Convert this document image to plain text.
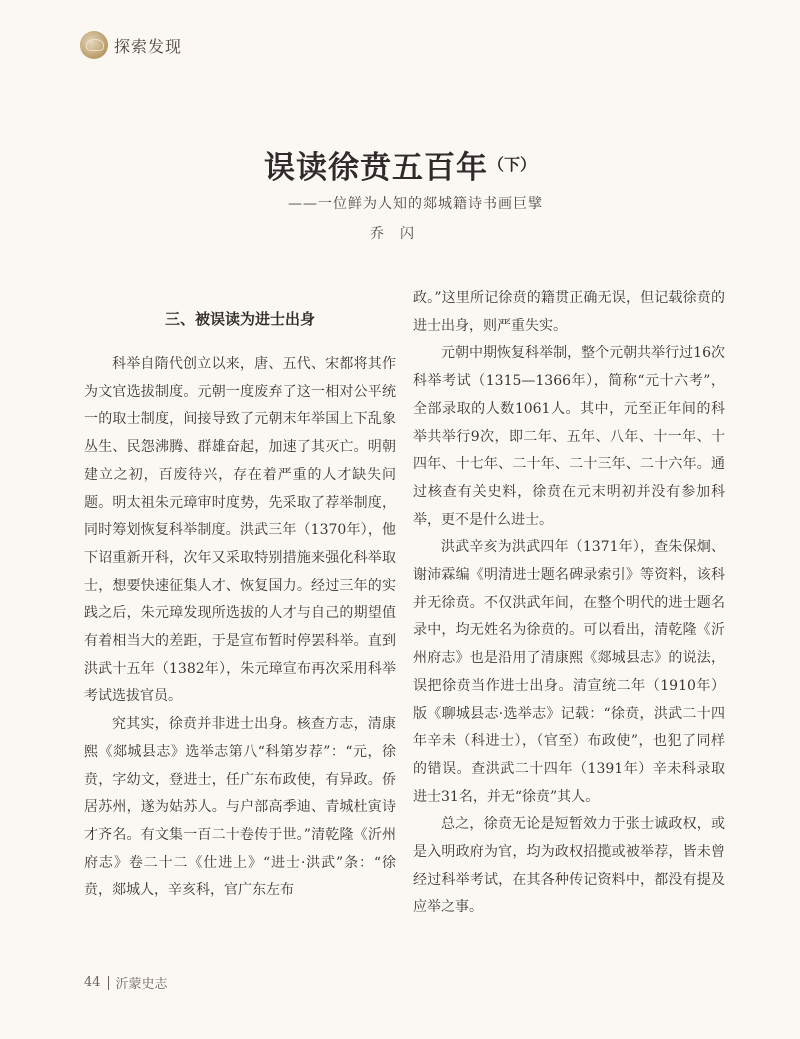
探索发现
误读徐贲五百年（下）
——一位鲜为人知的郯城籍诗书画巨擘
乔闪
三、被误读为进士出身

科举自隋代创立以来，唐、五代、宋都将其作为文官选拔制度。元朝一度废弃了这一相对公平统一的取士制度，间接导致了元朝末年举国上下乱象丛生、民怨沸腾、群雄奋起，加速了其灭亡。明朝建立之初，百废待兴，存在着严重的人才缺失问题。明太祖朱元璋审时度势，先采取了荐举制度，同时筹划恢复科举制度。洪武三年（1370年），他下诏重新开科，次年又采取特别措施来强化科举取士，想要快速征集人才、恢复国力。经过三年的实践之后，朱元璋发现所选拔的人才与自己的期望值有着相当大的差距，于是宣布暂时停罢科举。直到洪武十五年（1382年），朱元璋宣布再次采用科举考试选拔官员。

究其实，徐贲并非进士出身。核查方志，清康熙《郯城县志》选举志第八“科第岁荐”：“元，徐贲，字幼文，登进士，任广东布政使，有异政。侨居苏州，遂为姑苏人。与户部高季迪、青城杜寅诗才齐名。有文集一百二十卷传于世。”清乾隆《沂州府志》卷二十二《仕进上》“进士·洪武”条：“徐贲，郯城人，辛亥科，官广东左布

政。”这里所记徐贲的籍贯正确无误，但记载徐贲的进士出身，则严重失实。

元朝中期恢复科举制，整个元朝共举行过16次科举考试（1315—1366年），简称“元十六考”，全部录取的人数1061人。其中，元至正年间的科举共举行9次，即二年、五年、八年、十一年、十四年、十七年、二十年、二十三年、二十六年。通过核查有关史料，徐贲在元末明初并没有参加科举，更不是什么进士。

洪武辛亥为洪武四年（1371年），查朱保炯、谢沛霖编《明清进士题名碑录索引》等资料，该科并无徐贲。不仅洪武年间，在整个明代的进士题名录中，均无姓名为徐贲的。可以看出，清乾隆《沂州府志》也是沿用了清康熙《郯城县志》的说法，误把徐贲当作进士出身。清宣统二年（1910年）版《聊城县志·选举志》记载：“徐贲，洪武二十四年辛未（科进士），（官至）布政使”，也犯了同样的错误。查洪武二十四年（1391年）辛未科录取进士31名，并无“徐贲”其人。

总之，徐贲无论是短暂效力于张士诚政权，或是入明政府为官，均为政权招揽或被举荐，皆未曾经过科举考试，在其各种传记资料中，都没有提及应举之事。

44 沂蒙史志
